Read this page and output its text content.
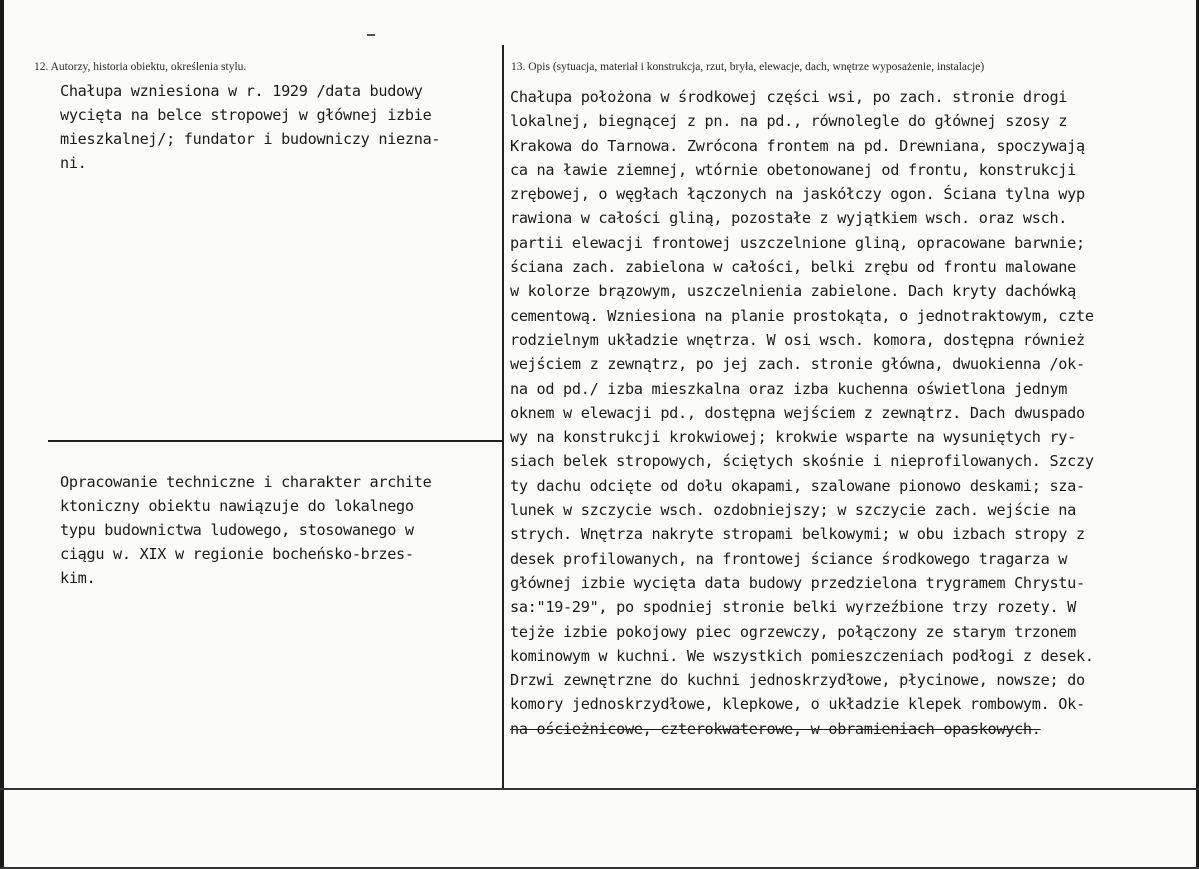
12. Autorzy, historia obiektu, określenia stylu.
Chałupa wzniesiona w r. 1929 /data budowy
wycięta na belce stropowej w głównej izbie
mieszkalnej/; fundator i budowniczy niezna-
ni.
Opracowanie techniczne i charakter archite
ktoniczny obiektu nawiązuje do lokalnego
typu budownictwa ludowego, stosowanego w
ciągu w. XIX w regionie bocheńsko-brzes-
kim.
13. Opis (sytuacja, materiał i konstrukcja, rzut, bryła, elewacje, dach, wnętrze wyposażenie, instalacje)
Chałupa położona w środkowej części wsi, po zach. stronie drogi
lokalnej, biegnącej z pn. na pd., równolegle do głównej szosy z
Krakowa do Tarnowa. Zwrócona frontem na pd. Drewniana, spoczywają
ca na ławie ziemnej, wtórnie obetonowanej od frontu, konstrukcji
zrębowej, o węgłach łączonych na jaskółczy ogon. Ściana tylna wyp
rawiona w całości gliną, pozostałe z wyjątkiem wsch. oraz wsch.
partii elewacji frontowej uszczelnione gliną, opracowane barwnie;
ściana zach. zabielona w całości, belki zrębu od frontu malowane
w kolorze brązowym, uszczelnienia zabielone. Dach kryty dachówką
cementową. Wzniesiona na planie prostokąta, o jednotraktowym, czte
rodzielnym układzie wnętrza. W osi wsch. komora, dostępna również
wejściem z zewnątrz, po jej zach. stronie główna, dwuokienna /ok-
na od pd./ izba mieszkalna oraz izba kuchenna oświetlona jednym
oknem w elewacji pd., dostępna wejściem z zewnątrz. Dach dwuspado
wy na konstrukcji krokwiowej; krokwie wsparte na wysuniętych ry-
siach belek stropowych, ściętych skośnie i nieprofilowanych. Szczy
ty dachu odcięte od dołu okapami, szalowane pionowo deskami; sza-
lunek w szczycie wsch. ozdobniejszy; w szczycie zach. wejście na
strych. Wnętrza nakryte stropami belkowymi; w obu izbach stropy z
desek profilowanych, na frontowej ściance środkowego tragarza w
głównej izbie wycięta data budowy przedzielona trygramem Chrystu-
sa:"19-29", po spodniej stronie belki wyrzeźbione trzy rozety. W
tejże izbie pokojowy piec ogrzewczy, połączony ze starym trzonem
kominowym w kuchni. We wszystkich pomieszczeniach podłogi z desek.
Drzwi zewnętrzne do kuchni jednoskrzydłowe, płycinowe, nowsze; do
komory jednoskrzydłowe, klepkowe, o układzie klepek rombowym. Ok-
na ościeżnicowe, czterokwaterowe, w obramieniach opaskowych.
